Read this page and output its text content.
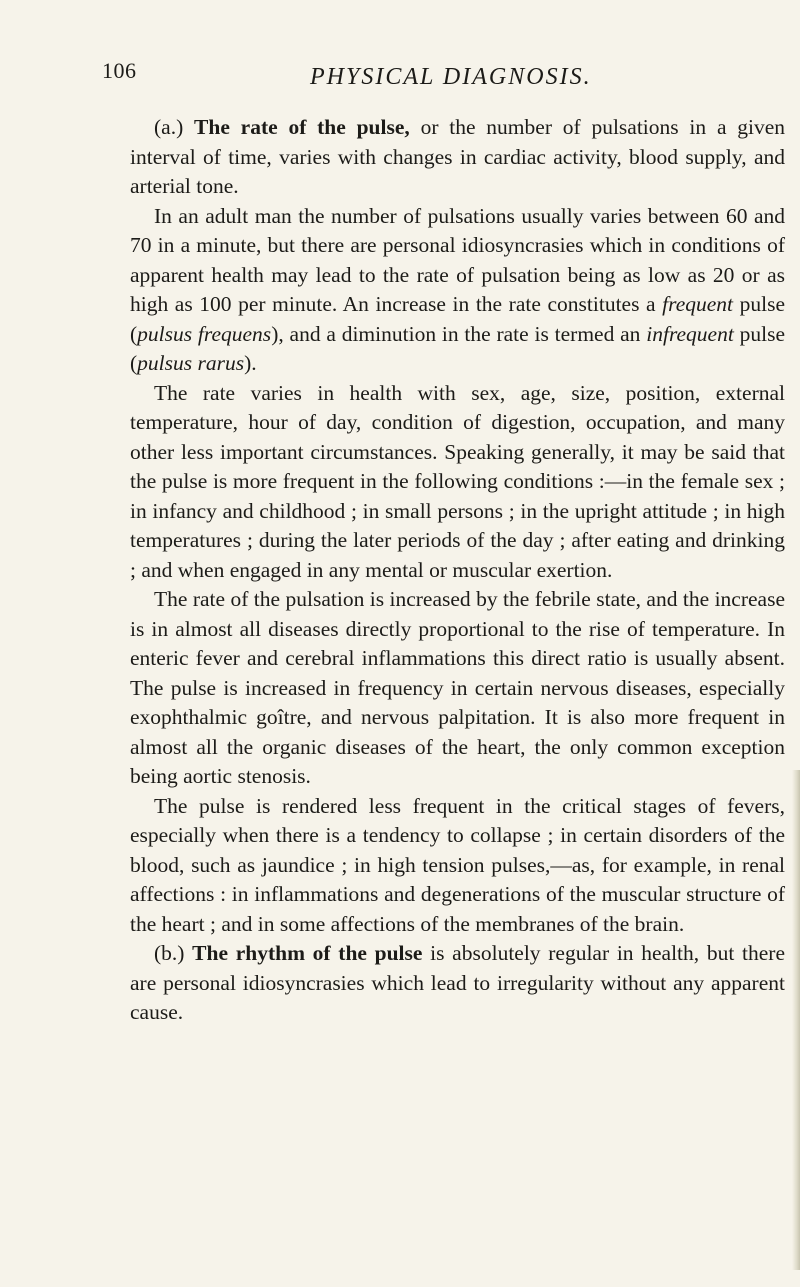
106	PHYSICAL DIAGNOSIS.

(a.) The rate of the pulse, or the number of pulsations in a given interval of time, varies with changes in cardiac activity, blood supply, and arterial tone.

In an adult man the number of pulsations usually varies between 60 and 70 in a minute, but there are personal idiosyncrasies which in conditions of apparent health may lead to the rate of pulsation being as low as 20 or as high as 100 per minute. An increase in the rate constitutes a frequent pulse (pulsus frequens), and a diminution in the rate is termed an infrequent pulse (pulsus rarus).

The rate varies in health with sex, age, size, position, external temperature, hour of day, condition of digestion, occupation, and many other less important circumstances. Speaking generally, it may be said that the pulse is more frequent in the following conditions :—in the female sex ; in infancy and childhood ; in small persons ; in the upright attitude ; in high temperatures ; during the later periods of the day ; after eating and drinking ; and when engaged in any mental or muscular exertion.

The rate of the pulsation is increased by the febrile state, and the increase is in almost all diseases directly proportional to the rise of temperature. In enteric fever and cerebral inflammations this direct ratio is usually absent. The pulse is increased in frequency in certain nervous diseases, especially exophthalmic goître, and nervous palpitation. It is also more frequent in almost all the organic diseases of the heart, the only common exception being aortic stenosis.

The pulse is rendered less frequent in the critical stages of fevers, especially when there is a tendency to collapse ; in certain disorders of the blood, such as jaundice ; in high tension pulses,—as, for example, in renal affections : in inflammations and degenerations of the muscular structure of the heart ; and in some affections of the membranes of the brain.

(b.) The rhythm of the pulse is absolutely regular in health, but there are personal idiosyncrasies which lead to irregularity without any apparent cause.
